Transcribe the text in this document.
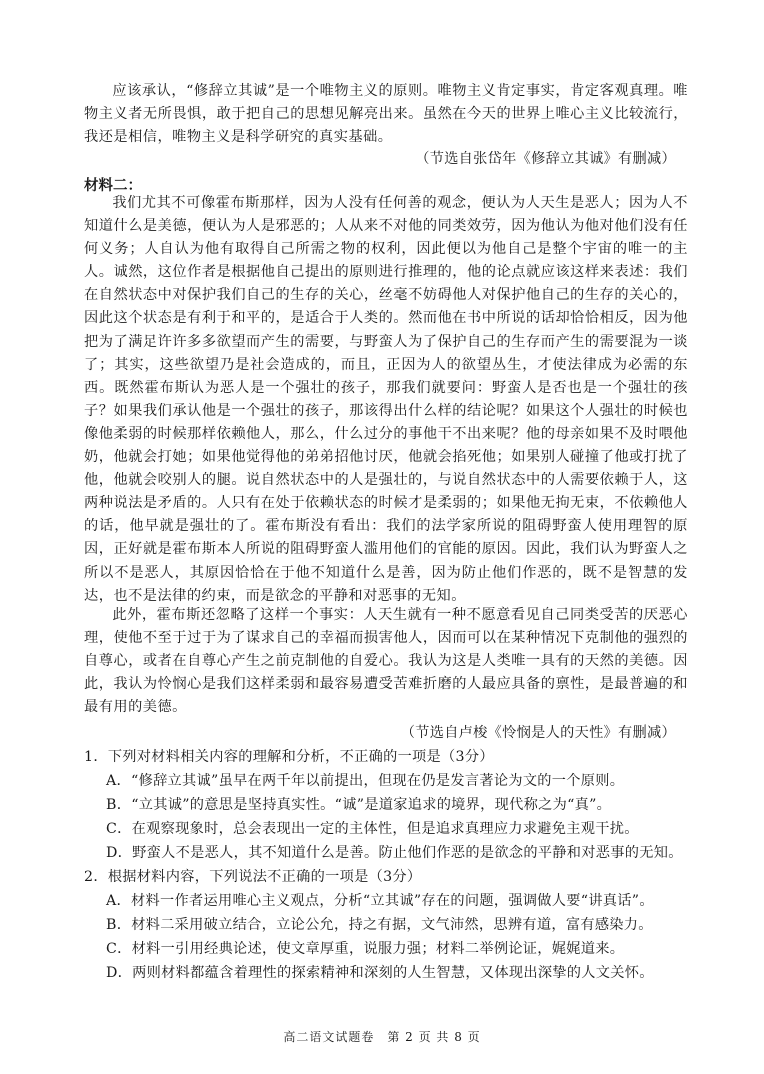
应该承认，“修辞立其诚”是一个唯物主义的原则。唯物主义肯定事实，肯定客观真理。唯物主义者无所畏惧，敢于把自己的思想见解亮出来。虽然在今天的世界上唯心主义比较流行，我还是相信，唯物主义是科学研究的真实基础。

（节选自张岱年《修辞立其诚》有删减）

材料二：

我们尤其不可像霍布斯那样，因为人没有任何善的观念，便认为人天生是恶人；因为人不知道什么是美德，便认为人是邪恶的；人从来不对他的同类效劳，因为他认为他对他们没有任何义务；人自认为他有取得自己所需之物的权利，因此便以为他自己是整个宇宙的唯一的主人。诚然，这位作者是根据他自己提出的原则进行推理的，他的论点就应该这样来表述：我们在自然状态中对保护我们自己的生存的关心，丝毫不妨碍他人对保护他自己的生存的关心的，因此这个状态是有利于和平的，是适合于人类的。然而他在书中所说的话却恰恰相反，因为他把为了满足许许多多欲望而产生的需要，与野蛮人为了保护自己的生存而产生的需要混为一谈了；其实，这些欲望乃是社会造成的，而且，正因为人的欲望丛生，才使法律成为必需的东西。既然霍布斯认为恶人是一个强壮的孩子，那我们就要问：野蛮人是否也是一个强壮的孩子？如果我们承认他是一个强壮的孩子，那该得出什么样的结论呢？如果这个人强壮的时候也像他柔弱的时候那样依赖他人，那么，什么过分的事他干不出来呢？他的母亲如果不及时喂他奶，他就会打她；如果他觉得他的弟弟招他讨厌，他就会掐死他；如果别人碰撞了他或打扰了他，他就会咬别人的腿。说自然状态中的人是强壮的，与说自然状态中的人需要依赖于人，这两种说法是矛盾的。人只有在处于依赖状态的时候才是柔弱的；如果他无拘无束，不依赖他人的话，他早就是强壮的了。霍布斯没有看出：我们的法学家所说的阻碍野蛮人使用理智的原因，正好就是霍布斯本人所说的阻碍野蛮人滥用他们的官能的原因。因此，我们认为野蛮人之所以不是恶人，其原因恰恰在于他不知道什么是善，因为防止他们作恶的，既不是智慧的发达，也不是法律的约束，而是欲念的平静和对恶事的无知。

此外，霍布斯还忽略了这样一个事实：人天生就有一种不愿意看见自己同类受苦的厌恶心理，使他不至于过于为了谋求自己的幸福而损害他人，因而可以在某种情况下克制他的强烈的自尊心，或者在自尊心产生之前克制他的自爱心。我认为这是人类唯一具有的天然的美德。因此，我认为怜悯心是我们这样柔弱和最容易遭受苦难折磨的人最应具备的禀性，是最普遍的和最有用的美德。

（节选自卢梭《怜悯是人的天性》有删减）

1．下列对材料相关内容的理解和分析，不正确的一项是（3分）

A．“修辞立其诚”虽早在两千年以前提出，但现在仍是发言著论为文的一个原则。

B．“立其诚”的意思是坚持真实性。“诚”是道家追求的境界，现代称之为“真”。

C．在观察现象时，总会表现出一定的主体性，但是追求真理应力求避免主观干扰。

D．野蛮人不是恶人，其不知道什么是善。防止他们作恶的是欲念的平静和对恶事的无知。

2．根据材料内容，下列说法不正确的一项是（3分）

A．材料一作者运用唯心主义观点，分析“立其诚”存在的问题，强调做人要“讲真话”。

B．材料二采用破立结合，立论公允，持之有据，文气沛然，思辨有道，富有感染力。

C．材料一引用经典论述，使文章厚重，说服力强；材料二举例论证，娓娓道来。

D．两则材料都蕴含着理性的探索精神和深刻的人生智慧，又体现出深挚的人文关怀。

高二语文试题卷　第 2 页 共 8 页
